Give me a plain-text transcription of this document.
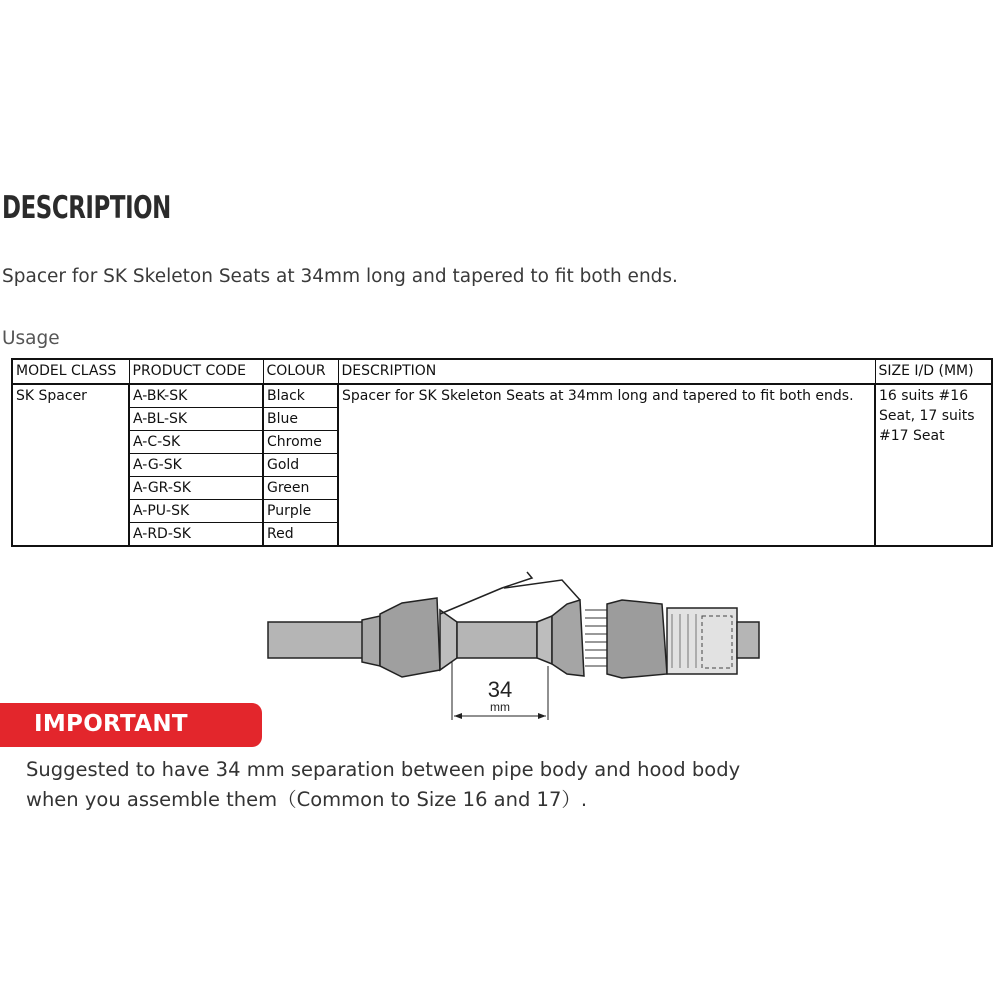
DESCRIPTION
Spacer for SK Skeleton Seats at 34mm long and tapered to fit both ends.
Usage
MODEL CLASS	PRODUCT CODE	COLOUR	DESCRIPTION	SIZE I/D (MM)
SK Spacer	A-BK-SK	Black	Spacer for SK Skeleton Seats at 34mm long and tapered to fit both ends.	16 suits #16 Seat, 17 suits #17 Seat
	A-BL-SK	Blue		
	A-C-SK	Chrome		
	A-G-SK	Gold		
	A-GR-SK	Green		
	A-PU-SK	Purple		
	A-RD-SK	Red		
34
mm
IMPORTANT
Suggested to have 34 mm separation between pipe body and hood body
when you assemble them（Common to Size 16 and 17）.
